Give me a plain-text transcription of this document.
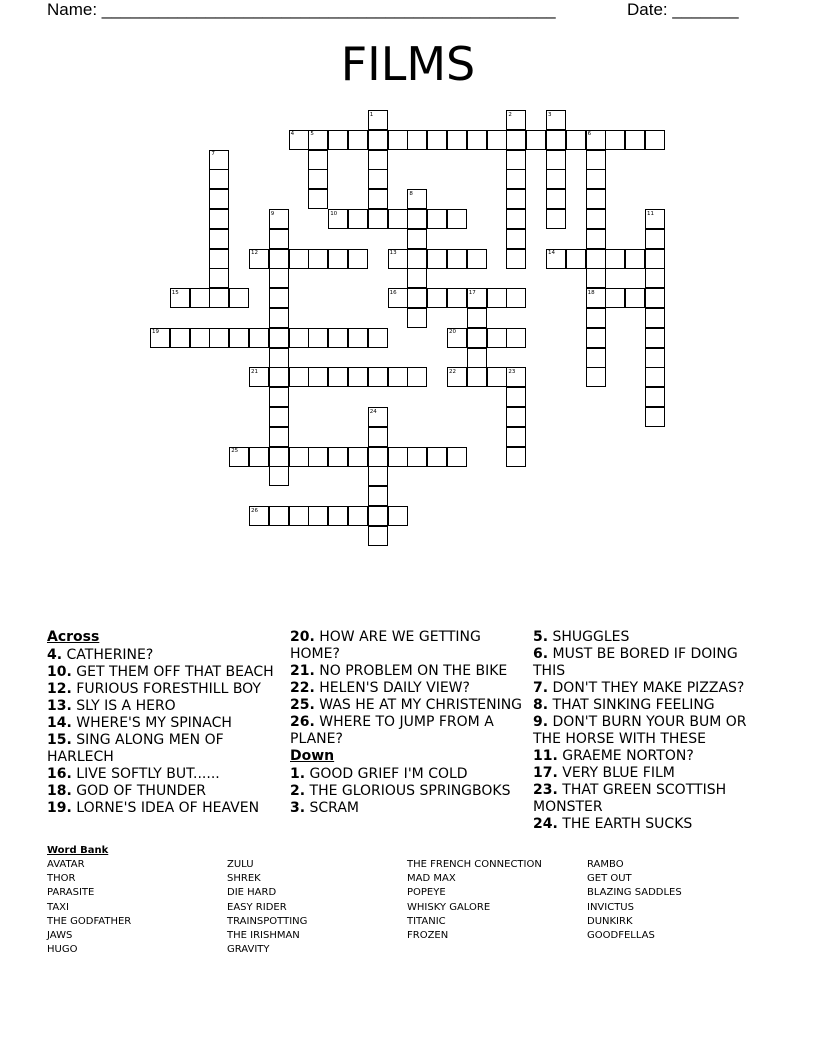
Name: ________________________________________________	Date: _______
FILMS
1	2	3
4	5	6
7
8
9	10	11
12	13	14
15	16	17	18
19	20
21	22	23
24
25
26
Across

4. CATHERINE?

10. GET THEM OFF THAT BEACH

12. FURIOUS FORESTHILL BOY

13. SLY IS A HERO

14. WHERE'S MY SPINACH

15. SING ALONG MEN OF HARLECH

16. LIVE SOFTLY BUT......

18. GOD OF THUNDER

19. LORNE'S IDEA OF HEAVEN

20. HOW ARE WE GETTING HOME?

21. NO PROBLEM ON THE BIKE

22. HELEN'S DAILY VIEW?

25. WAS HE AT MY CHRISTENING

26. WHERE TO JUMP FROM A PLANE?

Down

1. GOOD GRIEF I'M COLD

2. THE GLORIOUS SPRINGBOKS

3. SCRAM

5. SHUGGLES

6. MUST BE BORED IF DOING THIS

7. DON'T THEY MAKE PIZZAS?

8. THAT SINKING FEELING

9. DON'T BURN YOUR BUM OR THE HORSE WITH THESE

11. GRAEME NORTON?

17. VERY BLUE FILM

23. THAT GREEN SCOTTISH MONSTER

24. THE EARTH SUCKS

Word Bank
AVATAR
THOR
PARASITE
TAXI
THE GODFATHER
JAWS
HUGO
ZULU
SHREK
DIE HARD
EASY RIDER
TRAINSPOTTING
THE IRISHMAN
GRAVITY
THE FRENCH CONNECTION
MAD MAX
POPEYE
WHISKY GALORE
TITANIC
FROZEN
RAMBO
GET OUT
BLAZING SADDLES
INVICTUS
DUNKIRK
GOODFELLAS
